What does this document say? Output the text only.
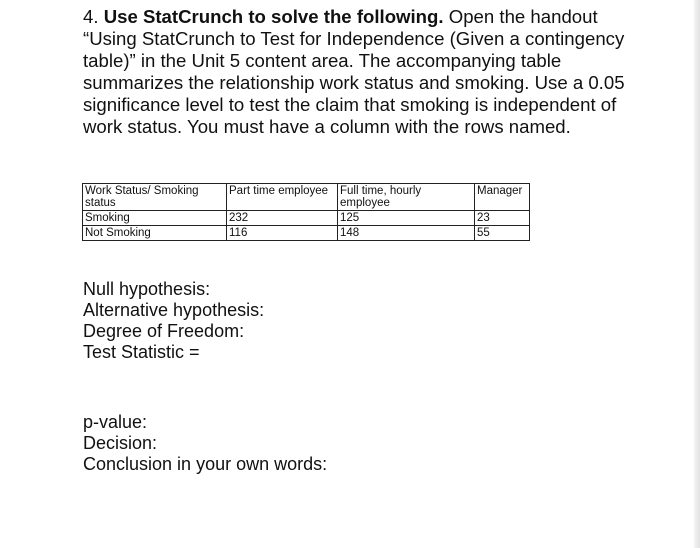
4. Use StatCrunch to solve the following. Open the handout “Using StatCrunch to Test for Independence (Given a contingency table)” in the Unit 5 content area. The accompanying table summarizes the relationship work status and smoking. Use a 0.05 significance level to test the claim that smoking is independent of work status. You must have a column with the rows named.

Work Status/ Smoking status	Part time employee	Full time, hourly employee	Manager
Smoking	232	125	23
Not Smoking	116	148	55
Null hypothesis:
Alternative hypothesis:
Degree of Freedom:
Test Statistic =
p-value:
Decision:
Conclusion in your own words:
